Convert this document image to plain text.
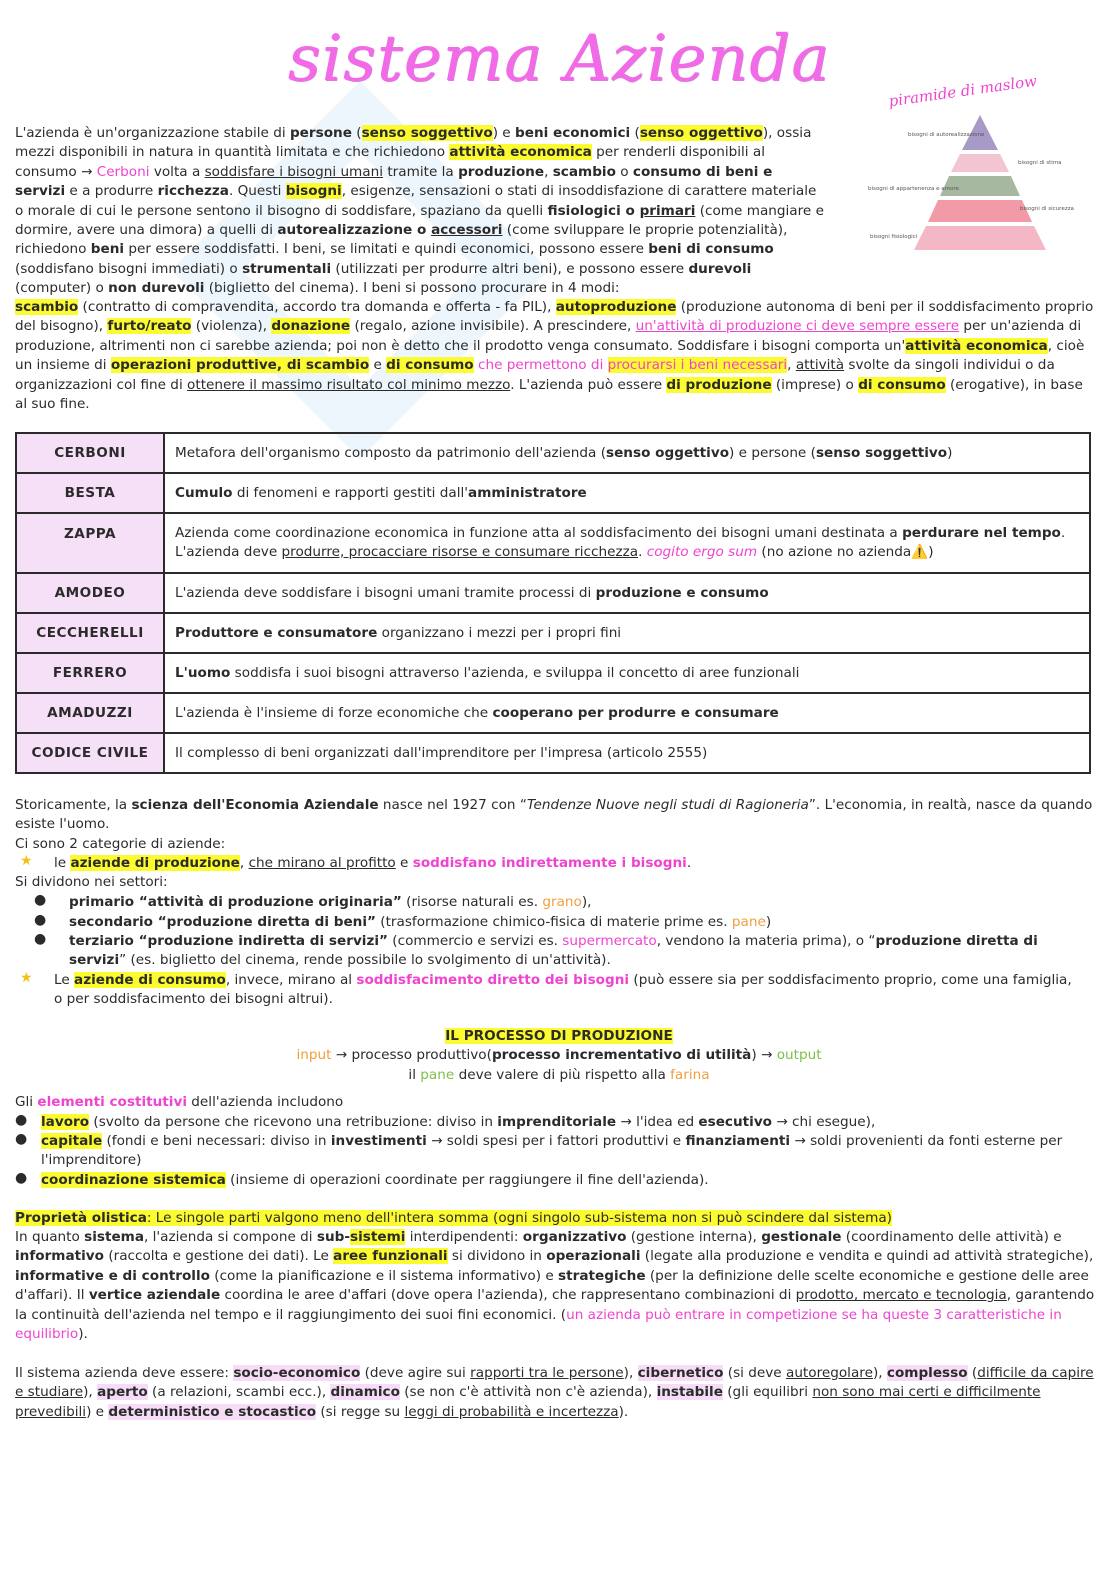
sistema Azienda	piramide di maslow
bisogni di autorealizzazione
bisogni di stima
bisogni di appartenenza e amore
bisogni di sicurezza
bisogni fisiologici

L'azienda è un'organizzazione stabile di persone (senso soggettivo) e beni economici (senso oggettivo), ossia mezzi disponibili in natura in quantità limitata e che richiedono attività economica per renderli disponibili al consumo → Cerboni volta a soddisfare i bisogni umani tramite la produzione, scambio o consumo di beni e servizi e a produrre ricchezza. Questi bisogni, esigenze, sensazioni o stati di insoddisfazione di carattere materiale o morale di cui le persone sentono il bisogno di soddisfare, spaziano da quelli fisiologici o primari (come mangiare e dormire, avere una dimora) a quelli di autorealizzazione o accessori (come sviluppare le proprie potenzialità), richiedono beni per essere soddisfatti. I beni, se limitati e quindi economici, possono essere beni di consumo (soddisfano bisogni immediati) o strumentali (utilizzati per produrre altri beni), e possono essere durevoli (computer) o non durevoli (biglietto del cinema). I beni si possono procurare in 4 modi:

scambio (contratto di compravendita, accordo tra domanda e offerta - fa PIL), autoproduzione (produzione autonoma di beni per il soddisfacimento proprio del bisogno), furto/reato (violenza), donazione (regalo, azione invisibile). A prescindere, un'attività di produzione ci deve sempre essere per un'azienda di produzione, altrimenti non ci sarebbe azienda; poi non è detto che il prodotto venga consumato. Soddisfare i bisogni comporta un'attività economica, cioè un insieme di operazioni produttive, di scambio e di consumo che permettono di procurarsi i beni necessari, attività svolte da singoli individui o da organizzazioni col fine di ottenere il massimo risultato col minimo mezzo. L'azienda può essere di produzione (imprese) o di consumo (erogative), in base al suo fine.

CERBONI	Metafora dell'organismo composto da patrimonio dell'azienda (senso oggettivo) e persone (senso soggettivo)
BESTA	Cumulo di fenomeni e rapporti gestiti dall'amministratore
ZAPPA	Azienda come coordinazione economica in funzione atta al soddisfacimento dei bisogni umani destinata a perdurare nel tempo. L'azienda deve produrre, procacciare risorse e consumare ricchezza. cogito ergo sum (no azione no azienda⚠️)
AMODEO	L'azienda deve soddisfare i bisogni umani tramite processi di produzione e consumo
CECCHERELLI	Produttore e consumatore organizzano i mezzi per i propri fini
FERRERO	L'uomo soddisfa i suoi bisogni attraverso l'azienda, e sviluppa il concetto di aree funzionali
AMADUZZI	L'azienda è l'insieme di forze economiche che cooperano per produrre e consumare
CODICE CIVILE	Il complesso di beni organizzati dall'imprenditore per l'impresa (articolo 2555)

Storicamente, la scienza dell'Economia Aziendale nasce nel 1927 con “Tendenze Nuove negli studi di Ragioneria”. L'economia, in realtà, nasce da quando esiste l'uomo.

Ci sono 2 categorie di aziende:

★ le aziende di produzione, che mirano al profitto e soddisfano indirettamente i bisogni.

Si dividono nei settori:

● primario “attività di produzione originaria” (risorse naturali es. grano),

● secondario “produzione diretta di beni” (trasformazione chimico-fisica di materie prime es. pane)

● terziario “produzione indiretta di servizi” (commercio e servizi es. supermercato, vendono la materia prima), o “produzione diretta di servizi” (es. biglietto del cinema, rende possibile lo svolgimento di un'attività).

★ Le aziende di consumo, invece, mirano al soddisfacimento diretto dei bisogni (può essere sia per soddisfacimento proprio, come una famiglia, o per soddisfacimento dei bisogni altrui).

IL PROCESSO DI PRODUZIONE
input → processo produttivo(processo incrementativo di utilità) → output
il pane deve valere di più rispetto alla farina

Gli elementi costitutivi dell'azienda includono

● lavoro (svolto da persone che ricevono una retribuzione: diviso in imprenditoriale → l'idea ed esecutivo → chi esegue),

● capitale (fondi e beni necessari: diviso in investimenti → soldi spesi per i fattori produttivi e finanziamenti → soldi provenienti da fonti esterne per l'imprenditore)

● coordinazione sistemica (insieme di operazioni coordinate per raggiungere il fine dell'azienda).

Proprietà olistica: Le singole parti valgono meno dell'intera somma (ogni singolo sub-sistema non si può scindere dal sistema)

In quanto sistema, l'azienda si compone di sub-sistemi interdipendenti: organizzativo (gestione interna), gestionale (coordinamento delle attività) e informativo (raccolta e gestione dei dati). Le aree funzionali si dividono in operazionali (legate alla produzione e vendita e quindi ad attività strategiche), informative e di controllo (come la pianificazione e il sistema informativo) e strategiche (per la definizione delle scelte economiche e gestione delle aree d'affari). Il vertice aziendale coordina le aree d'affari (dove opera l'azienda), che rappresentano combinazioni di prodotto, mercato e tecnologia, garantendo la continuità dell'azienda nel tempo e il raggiungimento dei suoi fini economici. (un azienda può entrare in competizione se ha queste 3 caratteristiche in equilibrio).

Il sistema azienda deve essere: socio-economico (deve agire sui rapporti tra le persone), cibernetico (si deve autoregolare), complesso (difficile da capire e studiare), aperto (a relazioni, scambi ecc.), dinamico (se non c'è attività non c'è azienda), instabile (gli equilibri non sono mai certi e difficilmente prevedibili) e deterministico e stocastico (si regge su leggi di probabilità e incertezza).
